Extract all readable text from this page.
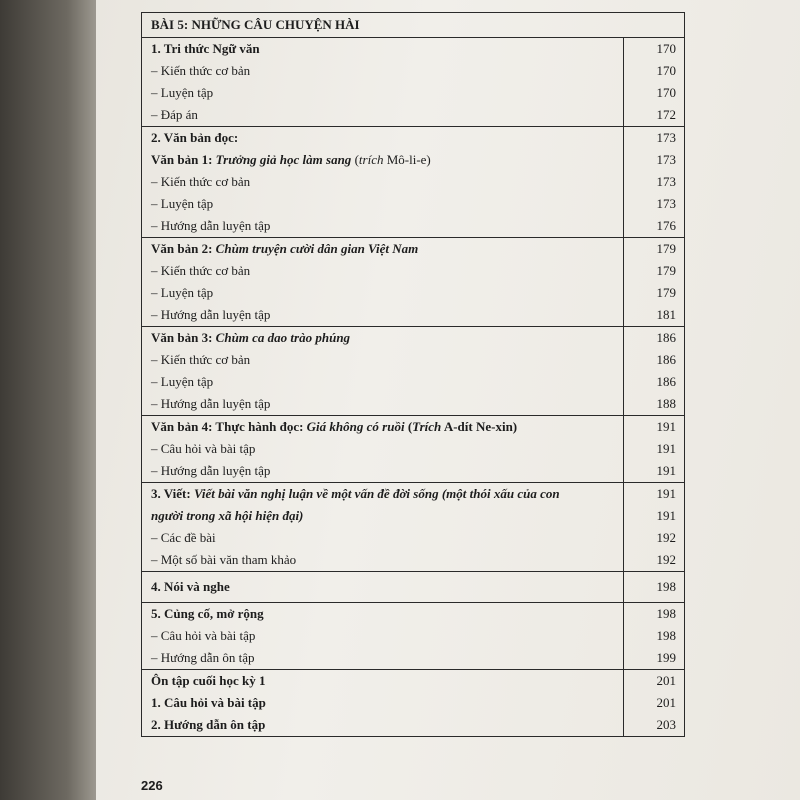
BÀI 5: NHỮNG CÂU CHUYỆN HÀI	
1. Tri thức Ngữ văn	170
– Kiến thức cơ bản	170
– Luyện tập	170
– Đáp án	172
2. Văn bản đọc:	173
Văn bản 1: Trưởng giả học làm sang (trích Mô-li-e)	173
– Kiến thức cơ bản	173
– Luyện tập	173
– Hướng dẫn luyện tập	176
Văn bản 2: Chùm truyện cười dân gian Việt Nam	179
– Kiến thức cơ bản	179
– Luyện tập	179
– Hướng dẫn luyện tập	181
Văn bản 3: Chùm ca dao trào phúng	186
– Kiến thức cơ bản	186
– Luyện tập	186
– Hướng dẫn luyện tập	188
Văn bản 4: Thực hành đọc: Giá không có ruồi (Trích A-dít Ne-xin)	191
– Câu hỏi và bài tập	191
– Hướng dẫn luyện tập	191
3. Viết: Viết bài văn nghị luận về một vấn đề đời sống (một thói xấu của con	191
người trong xã hội hiện đại)	191
– Các đề bài	192
– Một số bài văn tham khảo	192
4. Nói và nghe	198
5. Củng cố, mở rộng	198
– Câu hỏi và bài tập	198
– Hướng dẫn ôn tập	199
Ôn tập cuối học kỳ 1	201
1. Câu hỏi và bài tập	201
2. Hướng dẫn ôn tập	203
226
